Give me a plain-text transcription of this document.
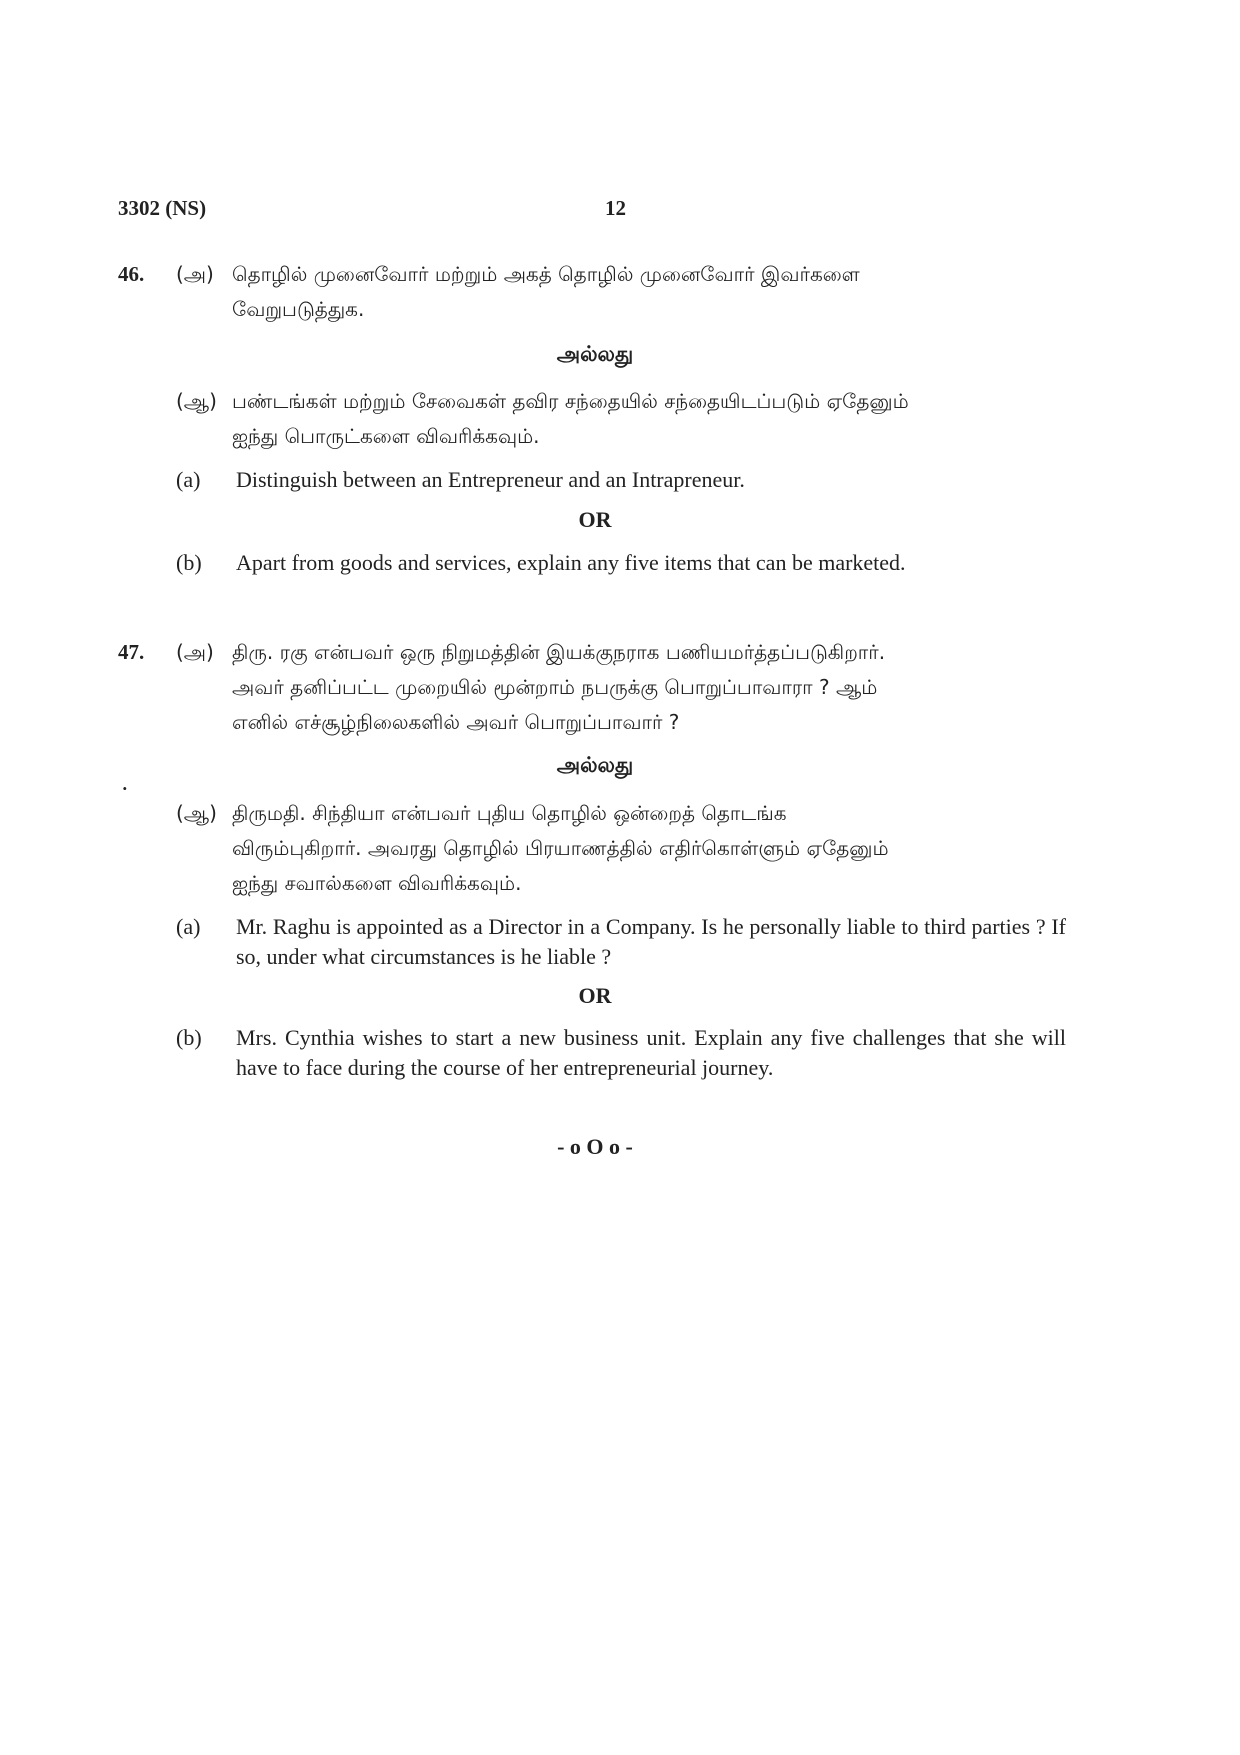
3302 (NS)	12
46. (அ) தொழில் முனைவோர் மற்றும் அகத் தொழில் முனைவோர் இவர்களை
வேறுபடுத்துக.
அல்லது
(ஆ) பண்டங்கள் மற்றும் சேவைகள் தவிர சந்தையில் சந்தையிடப்படும் ஏதேனும்
ஐந்து பொருட்களை விவரிக்கவும்.
(a) Distinguish between an Entrepreneur and an Intrapreneur.
OR
(b) Apart from goods and services, explain any five items that can be marketed.
47. (அ) திரு. ரகு என்பவர் ஒரு நிறுமத்தின் இயக்குநராக பணியமர்த்தப்படுகிறார்.
அவர் தனிப்பட்ட முறையில் மூன்றாம் நபருக்கு பொறுப்பாவாரா ? ஆம்
எனில் எச்சூழ்நிலைகளில் அவர் பொறுப்பாவார் ?
அல்லது
.
(ஆ) திருமதி. சிந்தியா என்பவர் புதிய தொழில் ஒன்றைத் தொடங்க
விரும்புகிறார். அவரது தொழில் பிரயாணத்தில் எதிர்கொள்ளும் ஏதேனும்
ஐந்து சவால்களை விவரிக்கவும்.
(a) Mr. Raghu is appointed as a Director in a Company. Is he personally liable to third parties ? If so, under what circumstances is he liable ?
OR
(b) Mrs. Cynthia wishes to start a new business unit. Explain any five challenges that she will have to face during the course of her entrepreneurial journey.
- o O o -
